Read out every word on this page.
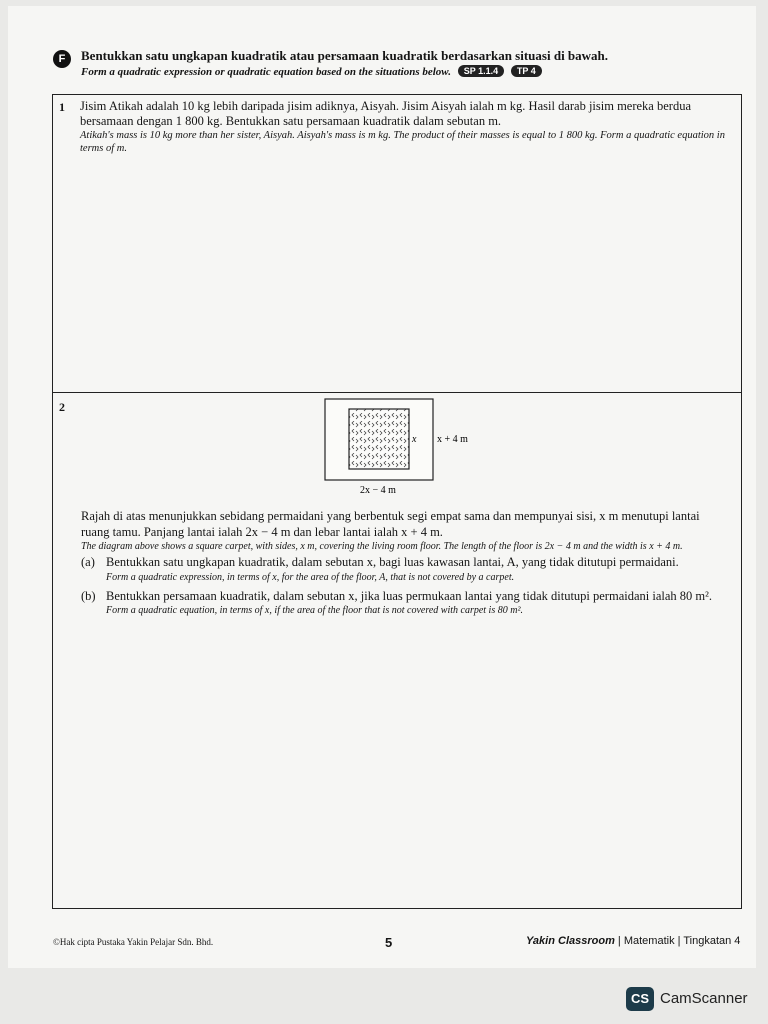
F	Bentukkan satu ungkapan kuadratik atau persamaan kuadratik berdasarkan situasi di bawah.
Form a quadratic expression or quadratic equation based on the situations below. SP 1.1.4 TP 4
1 Jisim Atikah adalah 10 kg lebih daripada jisim adiknya, Aisyah. Jisim Aisyah ialah m kg. Hasil darab jisim mereka berdua bersamaan dengan 1 800 kg. Bentukkan satu persamaan kuadratik dalam sebutan m.
Atikah's mass is 10 kg more than her sister, Aisyah. Aisyah's mass is m kg. The product of their masses is equal to 1 800 kg. Form a quadratic equation in terms of m.
2
x x + 4 m
2x − 4 m
Rajah di atas menunjukkan sebidang permaidani yang berbentuk segi empat sama dan mempunyai sisi, x m menutupi lantai ruang tamu. Panjang lantai ialah 2x − 4 m dan lebar lantai ialah x + 4 m.
The diagram above shows a square carpet, with sides, x m, covering the living room floor. The length of the floor is 2x − 4 m and the width is x + 4 m.
(a) Bentukkan satu ungkapan kuadratik, dalam sebutan x, bagi luas kawasan lantai, A, yang tidak ditutupi permaidani.
Form a quadratic expression, in terms of x, for the area of the floor, A, that is not covered by a carpet.
(b) Bentukkan persamaan kuadratik, dalam sebutan x, jika luas permukaan lantai yang tidak ditutupi permaidani ialah 80 m².
Form a quadratic equation, in terms of x, if the area of the floor that is not covered with carpet is 80 m².
©Hak cipta Pustaka Yakin Pelajar Sdn. Bhd.	5	Yakin Classroom | Matematik | Tingkatan 4
CS CamScanner
